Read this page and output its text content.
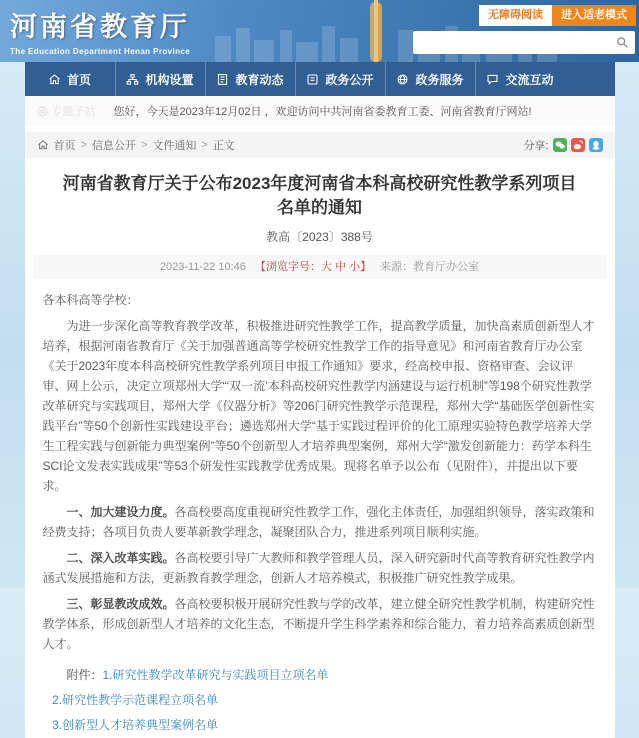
河南省教育厅
The Education Department Henan Province
无障碍阅读	进入适老模式
首页	机构设置	教育动态	政务公开	政务服务	交流互动
专题子站 您好，今天是2023年12月02日 ，欢迎访问中共河南省委教育工委、河南省教育厅网站!
首页 > 信息公开 > 文件通知 > 正文	分享:
河南省教育厅关于公布2023年度河南省本科高校研究性教学系列项目名单的通知
教高〔2023〕388号
2023-11-22 10:46 【浏览字号：大 中 小】 来源：教育厅办公室

各本科高等学校：

为进一步深化高等教育教学改革，积极推进研究性教学工作，提高教学质量，加快高素质创新型人才培养，根据河南省教育厅《关于加强普通高等学校研究性教学工作的指导意见》和河南省教育厅办公室《关于2023年度本科高校研究性教学系列项目申报工作通知》要求，经高校申报、资格审查、会议评审、网上公示，决定立项郑州大学“‘双一流’本科高校研究性教学内涵建设与运行机制”等198个研究性教学改革研究与实践项目，郑州大学《仪器分析》等206门研究性教学示范课程，郑州大学“基础医学创新性实践平台”等50个创新性实践建设平台；遴选郑州大学“基于实践过程评价的化工原理实验特色教学培养大学生工程实践与创新能力典型案例”等50个创新型人才培养典型案例，郑州大学“激发创新能力：药学本科生SCI论文发表实践成果”等53个研发性实践教学优秀成果。现将名单予以公布（见附件），并提出以下要求。

一、加大建设力度。各高校要高度重视研究性教学工作，强化主体责任，加强组织领导，落实政策和经费支持；各项目负责人要革新教学理念，凝聚团队合力，推进系列项目顺利实施。

二、深入改革实践。各高校要引导广大教师和教学管理人员，深入研究新时代高等教育研究性教学内涵式发展措施和方法，更新教育教学理念，创新人才培养模式，积极推广研究性教学成果。

三、彰显教改成效。各高校要积极开展研究性教与学的改革，建立健全研究性教学机制，构建研究性教学体系，形成创新型人才培养的文化生态，不断提升学生科学素养和综合能力，着力培养高素质创新型人才。

附件：1.研究性教学改革研究与实践项目立项名单
2.研究性教学示范课程立项名单
3.创新型人才培养典型案例名单
